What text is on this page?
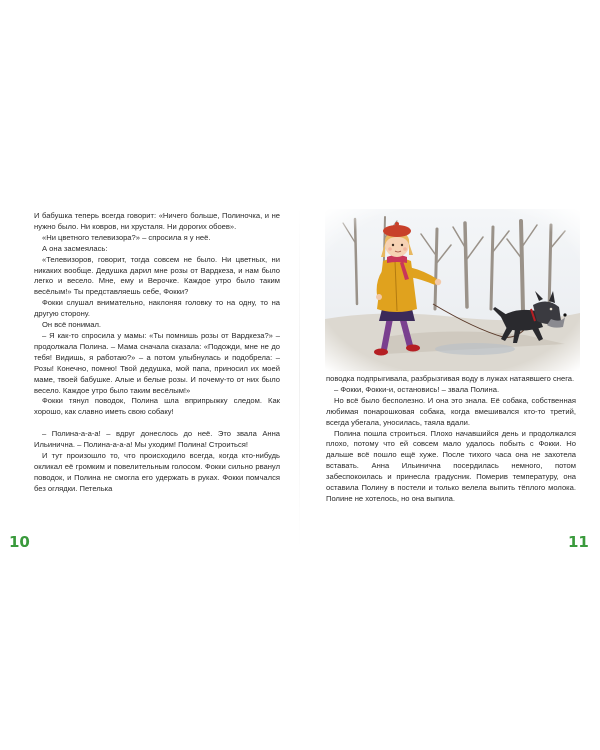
И бабушка теперь всегда говорит: «Ничего больше, Полиночка, и не нужно было. Ни ковров, ни хрусталя. Ни дорогих обоев».

«Ни цветного телевизора?» – спросила я у неё.

А она засмеялась:

«Телевизоров, говорит, тогда совсем не было. Ни цветных, ни никаких вообще. Дедушка дарил мне розы от Вардкеза, и нам было легко и весело. Мне, ему и Верочке. Каждое утро было таким весёлым!» Ты представляешь себе, Фокки?

Фокки слушал внимательно, наклоняя головку то на одну, то на другую сторону.

Он всё понимал.

– Я как-то спросила у мамы: «Ты помнишь розы от Вардкеза?» – продолжала Полина. – Мама сначала сказала: «Подожди, мне не до тебя! Видишь, я работаю?» – а потом улыбнулась и подобрела: – Розы! Конечно, помню! Твой дедушка, мой папа, приносил их моей маме, твоей бабушке. Алые и белые розы. И почему-то от них было весело. Каждое утро было таким весёлым!»

Фокки тянул поводок, Полина шла вприпрыжку следом. Как хорошо, как славно иметь свою собаку!

– Полина-а-а-а! – вдруг донеслось до неё. Это звала Анна Ильинична. – Полина-а-а-а! Мы уходим! Полина! Строиться!

И тут произошло то, что происходило всегда, когда кто-нибудь окликал её громким и повелительным голосом. Фокки сильно рванул поводок, и Полина не смогла его удержать в руках. Фокки помчался без оглядки. Петелька

10

поводка подпрыгивала, разбрызгивая воду в лужах натаявшего снега.

– Фокки, Фокки-и, остановись! – звала Полина.

Но всё было бесполезно. И она это знала. Её собака, собственная любимая понарошковая собака, когда вмешивался кто-то третий, всегда убегала, уносилась, таяла вдали.

Полина пошла строиться. Плохо начавшийся день и продолжался плохо, потому что ей совсем мало удалось побыть с Фокки. Но дальше всё пошло ещё хуже. После тихого часа она не захотела вставать. Анна Ильинична посердилась немного, потом забеспокоилась и принесла градусник. Померив температуру, она оставила Полину в постели и только велела выпить тёплого молока. Полине не хотелось, но она выпила.

11
